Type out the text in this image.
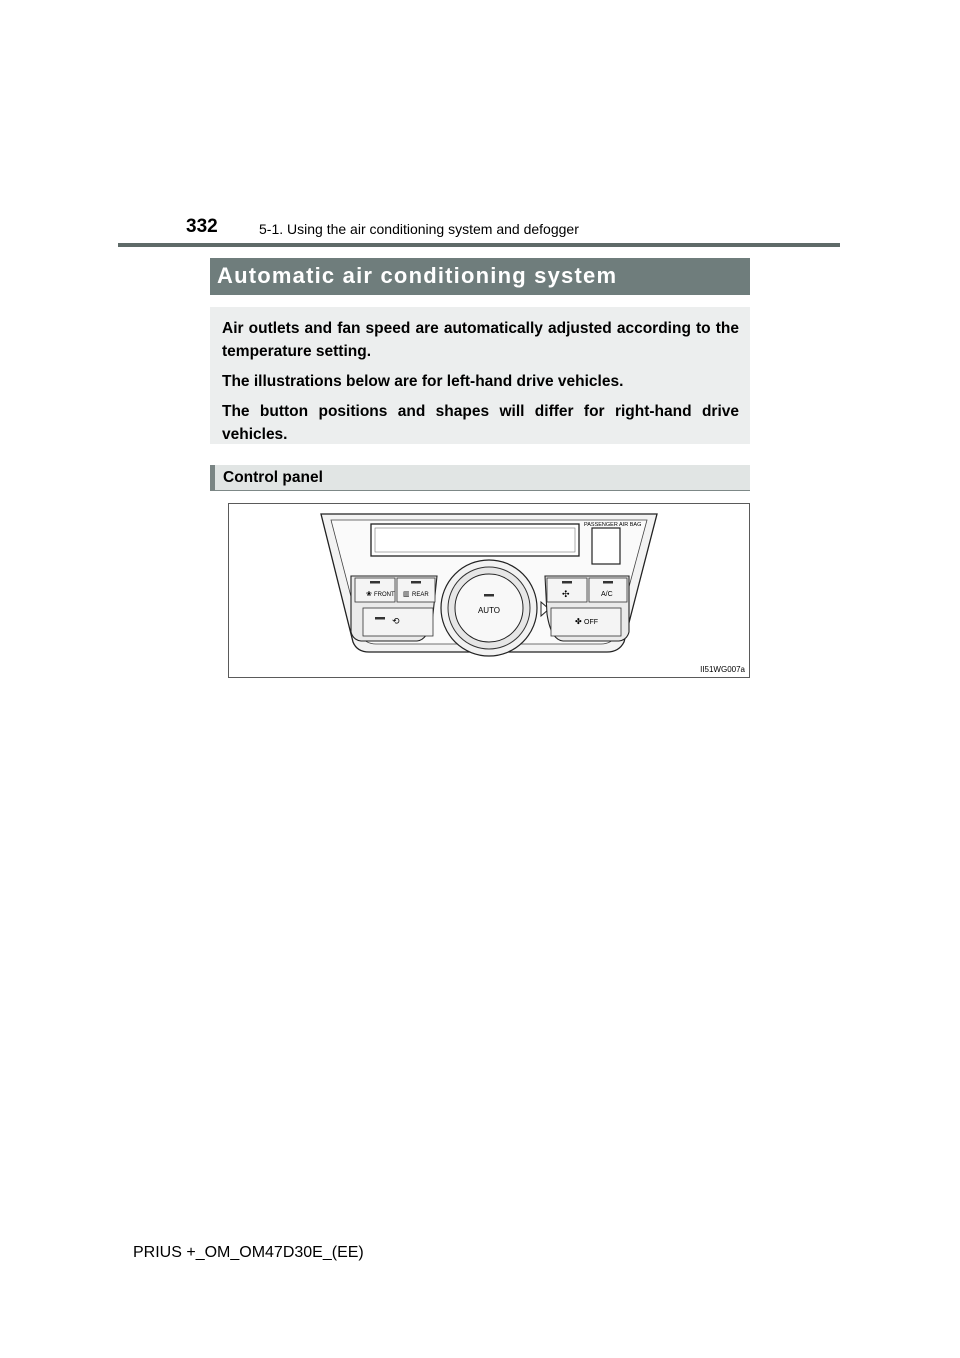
332	5-1. Using the air conditioning system and defogger
Automatic air conditioning system

Air outlets and fan speed are automatically adjusted according to the temperature setting.

The illustrations below are for left-hand drive vehicles.

The button positions and shapes will differ for right-hand drive vehicles.

Control panel
PASSENGER AIR BAG
❀ FRONT ▥ REAR
⟲
AUTO
✣	A/C
✤ OFF
II51WG007a
PRIUS +_OM_OM47D30E_(EE)
